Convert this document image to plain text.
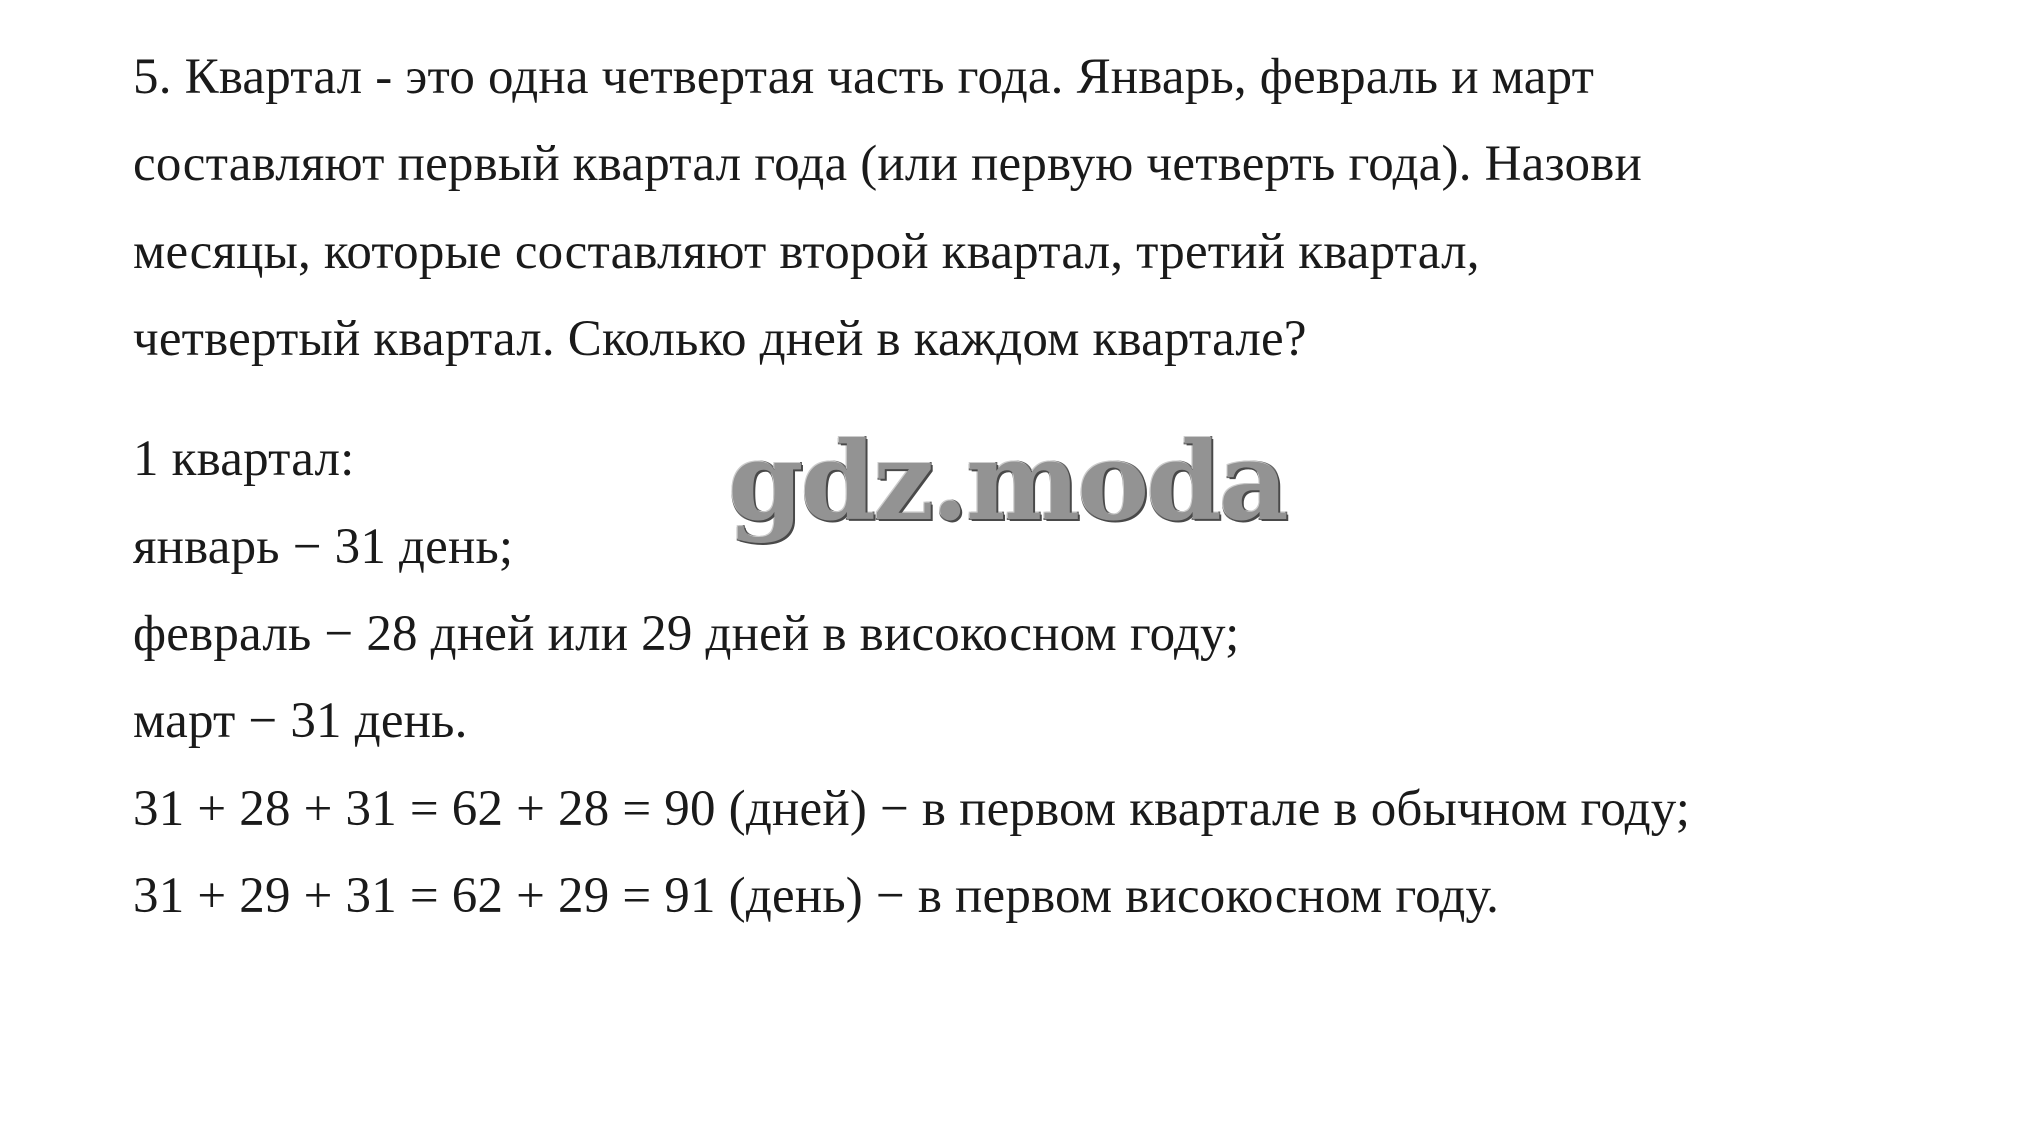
5. Квартал - это одна четвертая часть года. Январь, февраль и март
составляют первый квартал года (или первую четверть года). Назови
месяцы, которые составляют второй квартал, третий квартал,
четвертый квартал. Сколько дней в каждом квартале?
1 квартал:
январь − 31 день;
февраль − 28 дней или 29 дней в високосном году;
март − 31 день.
31 + 28 + 31 = 62 + 28 = 90 (дней) − в первом квартале в обычном году;
31 + 29 + 31 = 62 + 29 = 91 (день) − в первом високосном году.
gdz.moda
